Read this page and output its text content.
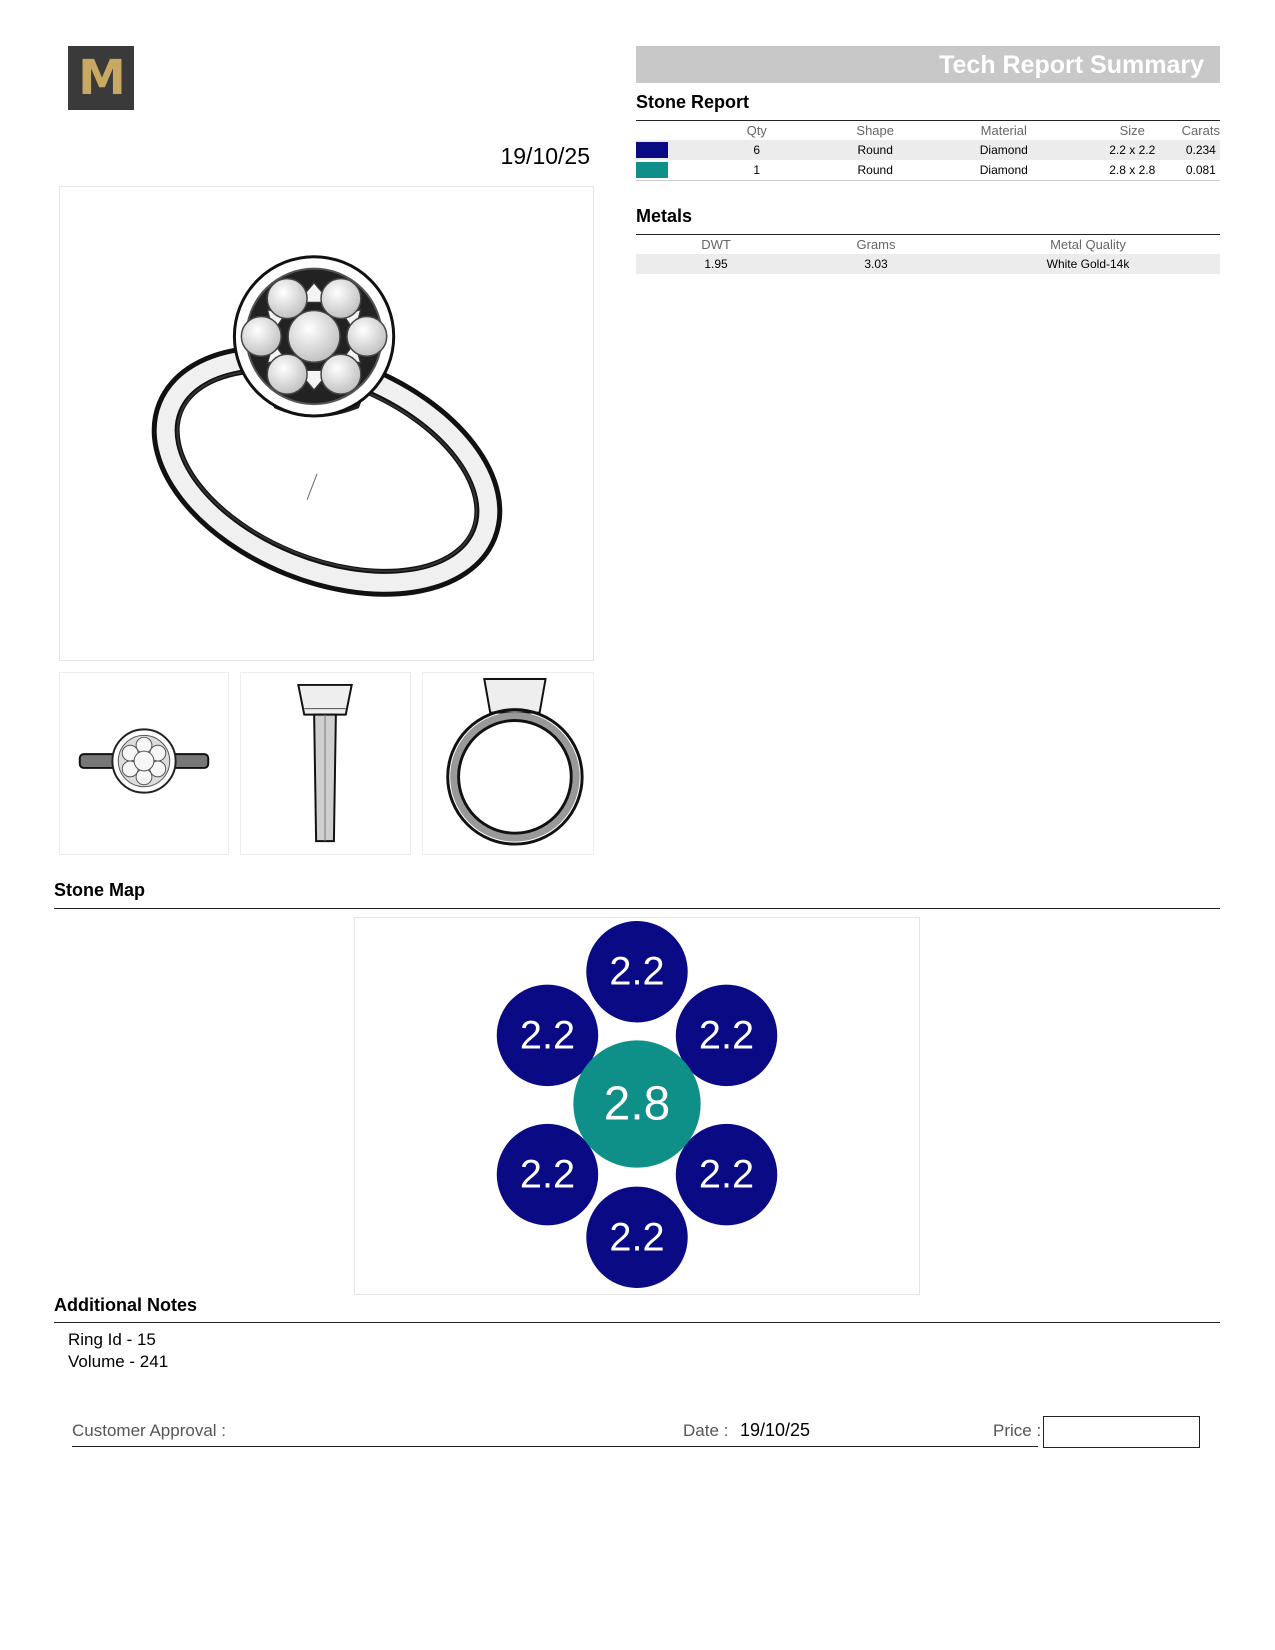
M
19/10/25
Tech Report Summary
Stone Report
	Qty	Shape	Material	Size	Carats

	6	Round	Diamond	2.2 x 2.2	0.234

	1	Round	Diamond	2.8 x 2.8	0.081
Metals
DWT	Grams	Metal Quality
1.95	3.03	White Gold-14k
Stone Map
2.2
2.2	2.2
2.2	2.2
2.2
2.8
Additional Notes
Ring Id - 15
Volume - 241
Customer Approval :	Date : 19/10/25	Price :
